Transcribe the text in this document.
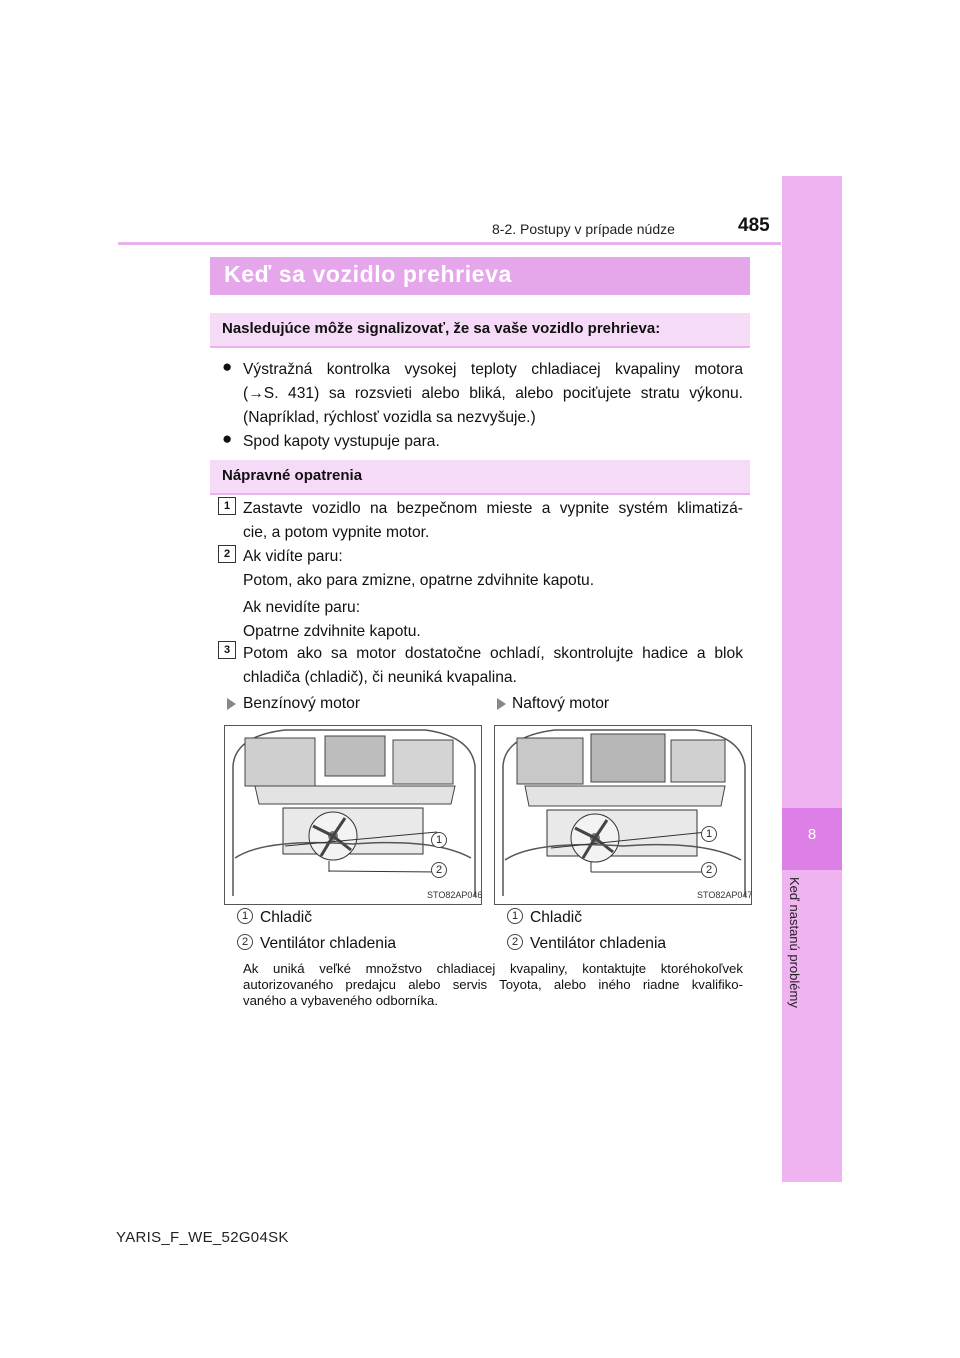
8
Keď nastanú problémy
8-2. Postupy v prípade núdze	485
Keď sa vozidlo prehrieva
Nasledujúce môže signalizovať, že sa vaše vozidlo prehrieva:
● Výstražná kontrolka vysokej teploty chladiacej kvapaliny motora
(→S. 431) sa rozsvieti alebo bliká, alebo pociťujete stratu výkonu.
(Napríklad, rýchlosť vozidla sa nezvyšuje.)
● Spod kapoty vystupuje para.
Nápravné opatrenia
1 Zastavte vozidlo na bezpečnom mieste a vypnite systém klimatizá-
cie, a potom vypnite motor.
2 Ak vidíte paru:
Potom, ako para zmizne, opatrne zdvihnite kapotu.
Ak nevidíte paru:
Opatrne zdvihnite kapotu.
3 Potom ako sa motor dostatočne ochladí, skontrolujte hadice a blok
chladiča (chladič), či neuniká kvapalina.
Benzínový motor	Naftový motor
1
2
STO82AP046
1
2
STO82AP047
1 Chladič
2 Ventilátor chladenia
1 Chladič
2 Ventilátor chladenia
Ak uniká veľké množstvo chladiacej kvapaliny, kontaktujte ktoréhokoľvek
autorizovaného predajcu alebo servis Toyota, alebo iného riadne kvalifiko-
vaného a vybaveného odborníka.
YARIS_F_WE_52G04SK
